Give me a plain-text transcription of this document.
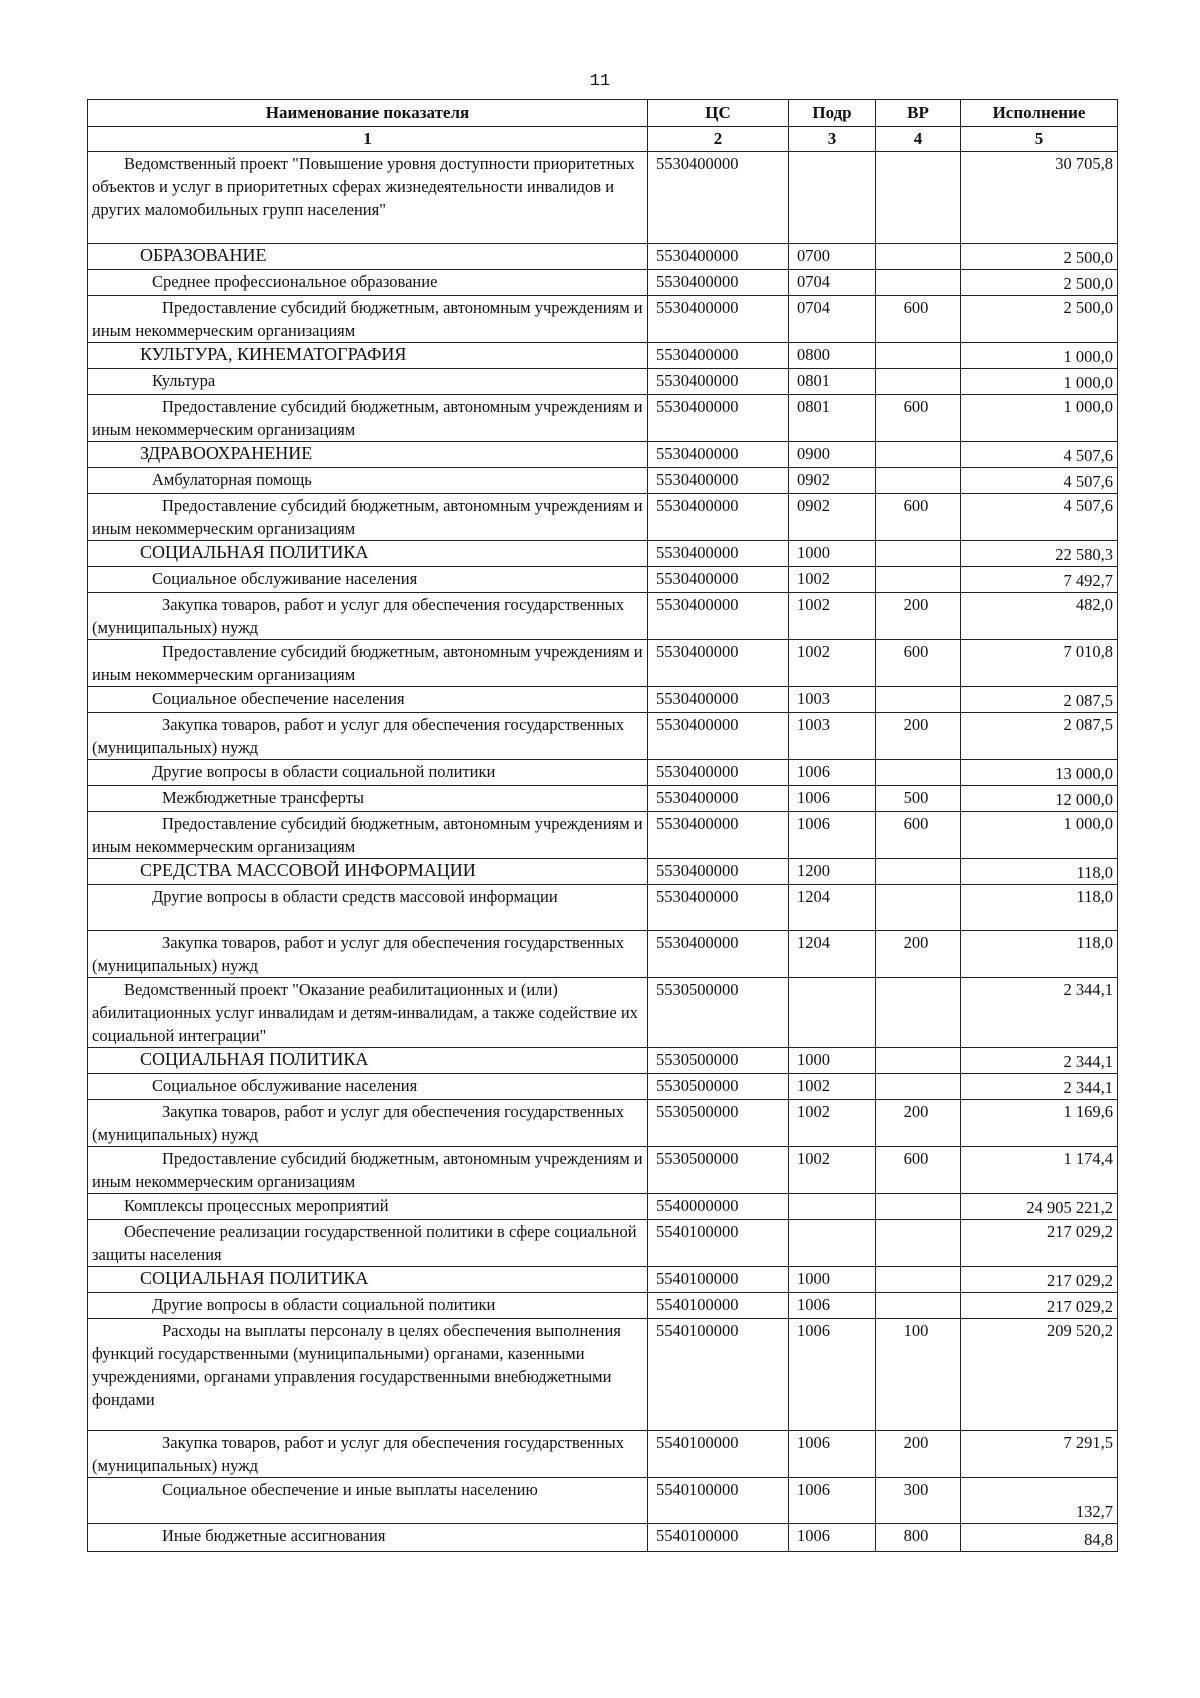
11
Наименование показателя	ЦС	Подр	ВР	Исполнение
1	2	3	4	5
Ведомственный проект "Повышение уровня доступности приоритетных объектов и услуг в приоритетных сферах жизнедеятельности инвалидов и других маломобильных групп населения"	5530400000			30 705,8
ОБРАЗОВАНИЕ	5530400000	0700		2 500,0
Среднее профессиональное образование	5530400000	0704		2 500,0
Предоставление субсидий бюджетным, автономным учреждениям и иным некоммерческим организациям	5530400000	0704	600	2 500,0
КУЛЬТУРА, КИНЕМАТОГРАФИЯ	5530400000	0800		1 000,0
Культура	5530400000	0801		1 000,0
Предоставление субсидий бюджетным, автономным учреждениям и иным некоммерческим организациям	5530400000	0801	600	1 000,0
ЗДРАВООХРАНЕНИЕ	5530400000	0900		4 507,6
Амбулаторная помощь	5530400000	0902		4 507,6
Предоставление субсидий бюджетным, автономным учреждениям и иным некоммерческим организациям	5530400000	0902	600	4 507,6
СОЦИАЛЬНАЯ ПОЛИТИКА	5530400000	1000		22 580,3
Социальное обслуживание населения	5530400000	1002		7 492,7
Закупка товаров, работ и услуг для обеспечения государственных (муниципальных) нужд	5530400000	1002	200	482,0
Предоставление субсидий бюджетным, автономным учреждениям и иным некоммерческим организациям	5530400000	1002	600	7 010,8
Социальное обеспечение населения	5530400000	1003		2 087,5
Закупка товаров, работ и услуг для обеспечения государственных (муниципальных) нужд	5530400000	1003	200	2 087,5
Другие вопросы в области социальной политики	5530400000	1006		13 000,0
Межбюджетные трансферты	5530400000	1006	500	12 000,0
Предоставление субсидий бюджетным, автономным учреждениям и иным некоммерческим организациям	5530400000	1006	600	1 000,0
СРЕДСТВА МАССОВОЙ ИНФОРМАЦИИ	5530400000	1200		118,0
Другие вопросы в области средств массовой информации	5530400000	1204		118,0
Закупка товаров, работ и услуг для обеспечения государственных (муниципальных) нужд	5530400000	1204	200	118,0
Ведомственный проект "Оказание реабилитационных и (или) абилитационных услуг инвалидам и детям-инвалидам, а также содействие их социальной интеграции"	5530500000			2 344,1
СОЦИАЛЬНАЯ ПОЛИТИКА	5530500000	1000		2 344,1
Социальное обслуживание населения	5530500000	1002		2 344,1
Закупка товаров, работ и услуг для обеспечения государственных (муниципальных) нужд	5530500000	1002	200	1 169,6
Предоставление субсидий бюджетным, автономным учреждениям и иным некоммерческим организациям	5530500000	1002	600	1 174,4
Комплексы процессных мероприятий	5540000000			24 905 221,2
Обеспечение реализации государственной политики в сфере социальной защиты населения	5540100000			217 029,2
СОЦИАЛЬНАЯ ПОЛИТИКА	5540100000	1000		217 029,2
Другие вопросы в области социальной политики	5540100000	1006		217 029,2
Расходы на выплаты персоналу в целях обеспечения выполнения функций государственными (муниципальными) органами, казенными учреждениями, органами управления государственными внебюджетными фондами	5540100000	1006	100	209 520,2
Закупка товаров, работ и услуг для обеспечения государственных (муниципальных) нужд	5540100000	1006	200	7 291,5
Социальное обеспечение и иные выплаты населению	5540100000	1006	300	132,7
Иные бюджетные ассигнования	5540100000	1006	800	84,8
